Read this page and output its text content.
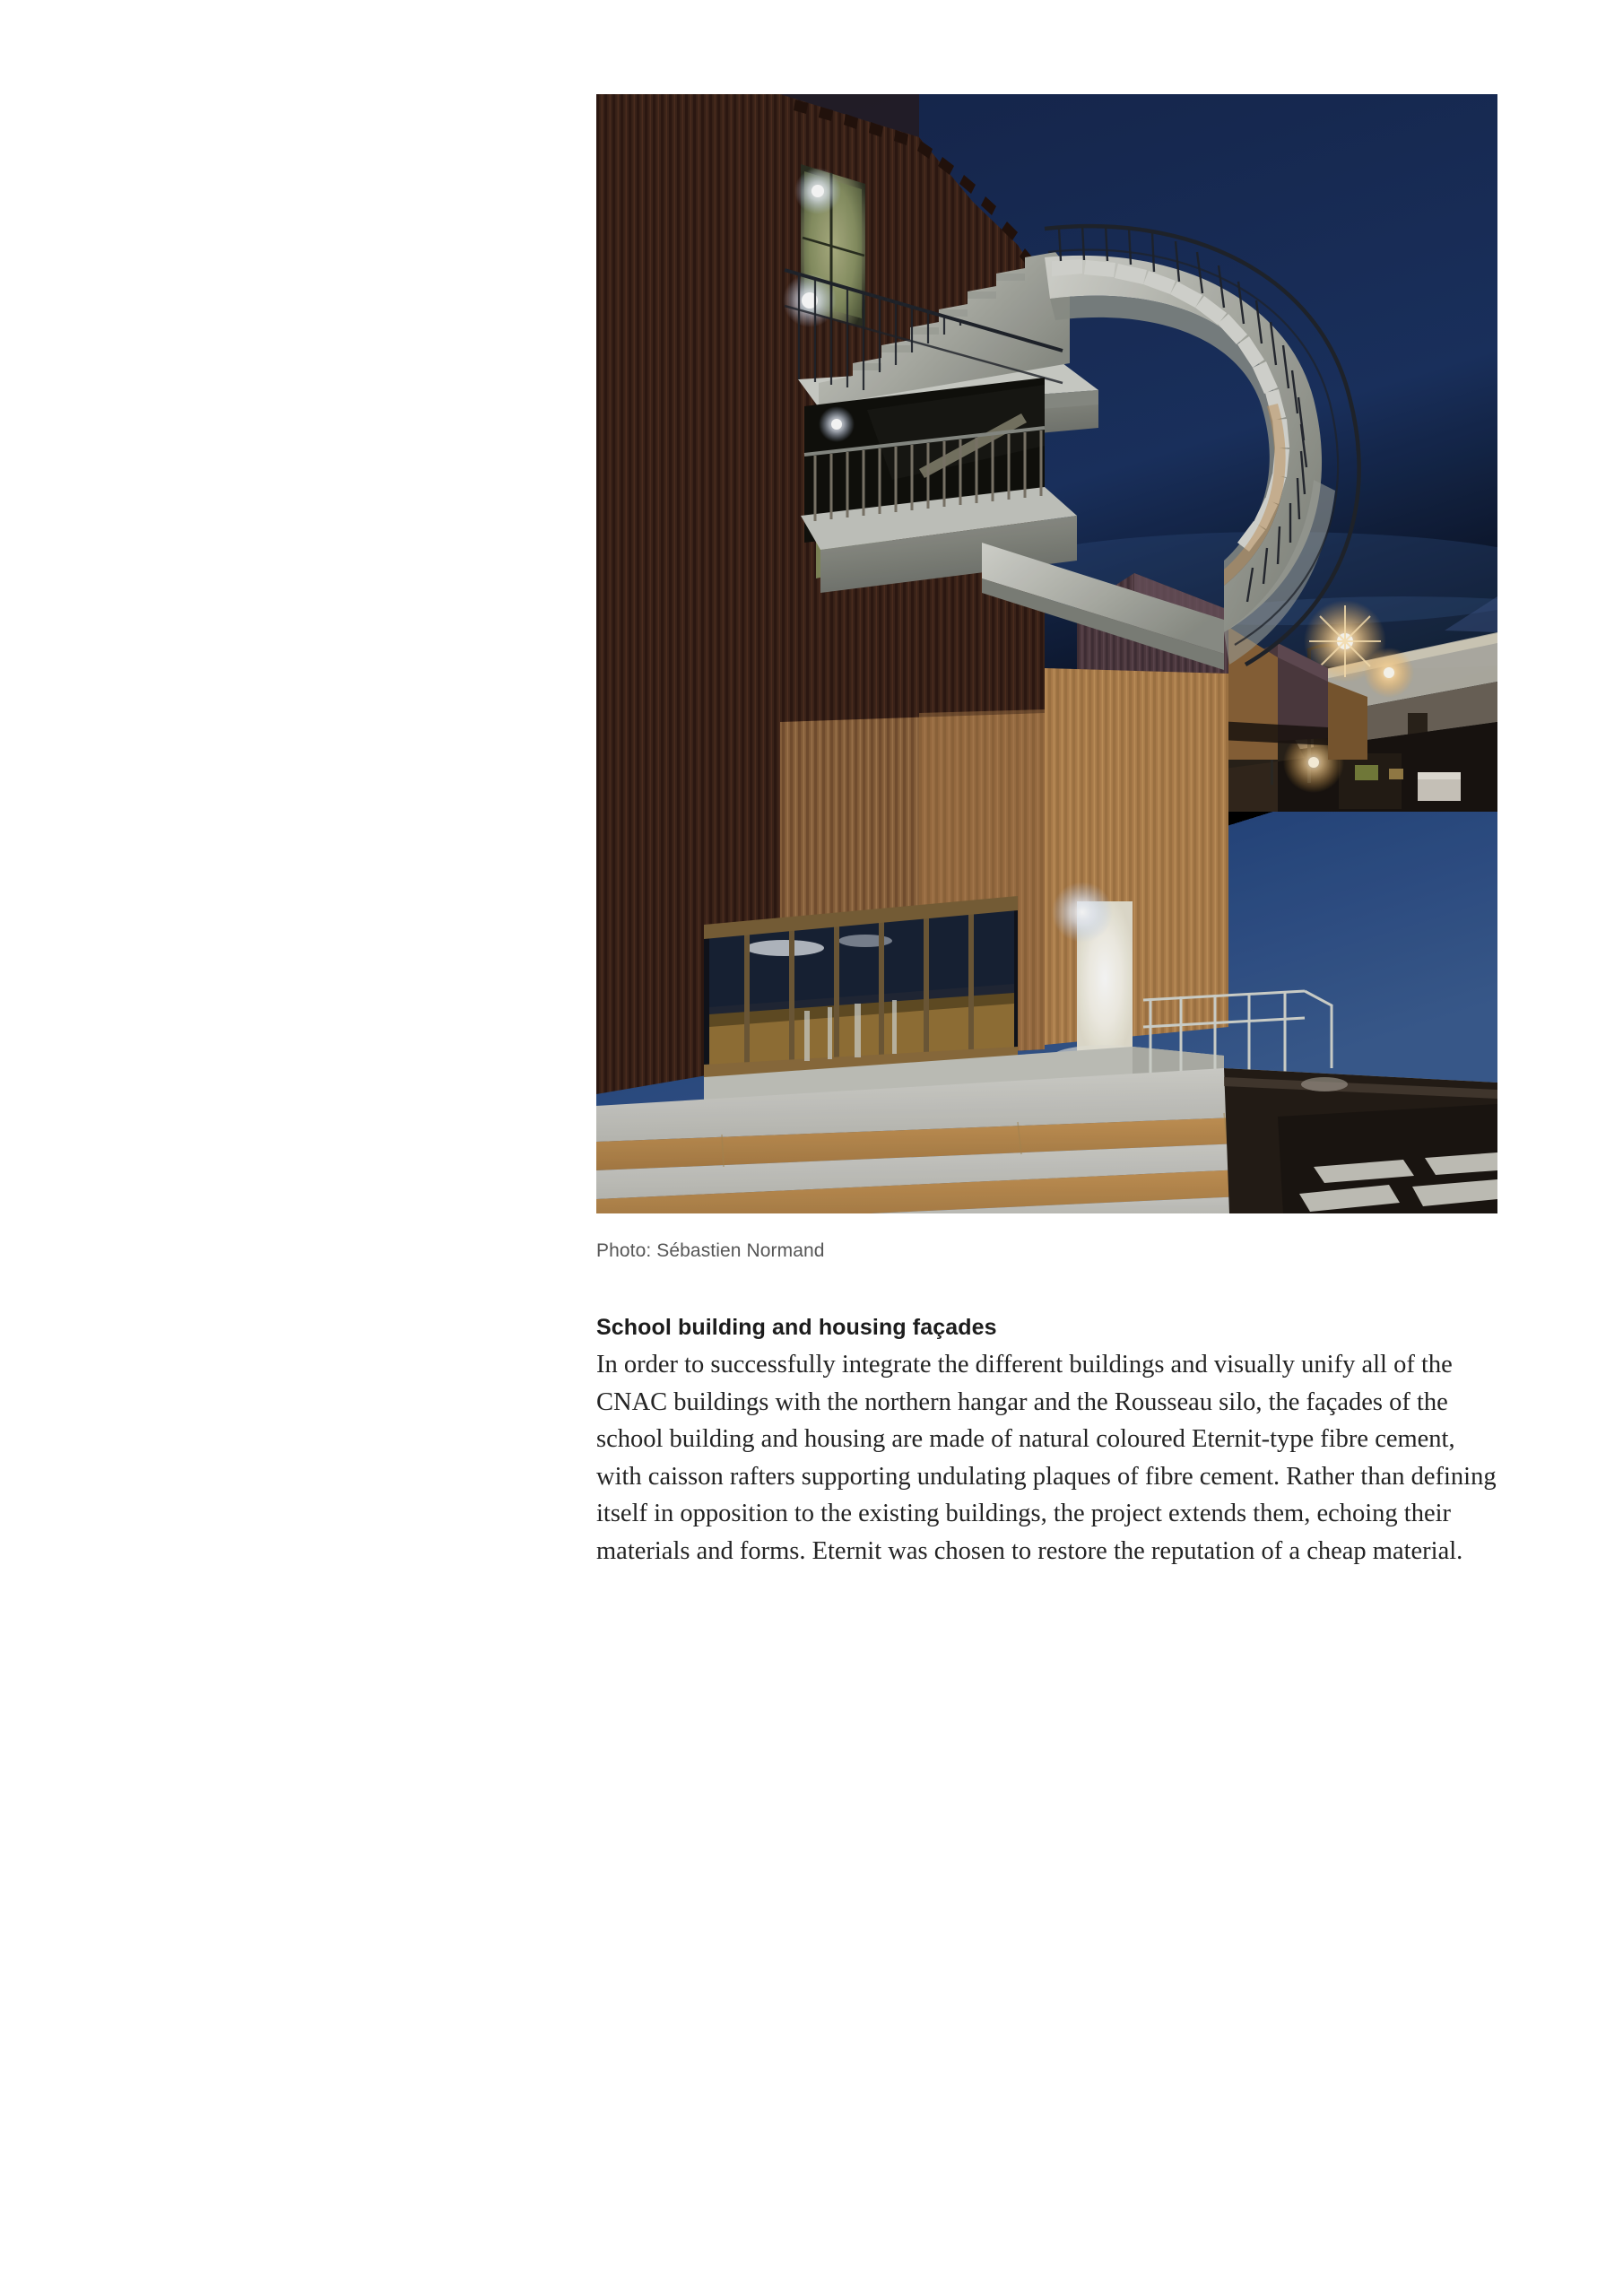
Photo: Sébastien Normand
School building and housing façades

In order to successfully integrate the different buildings and visually unify all of the CNAC buildings with the northern hangar and the Rousseau silo, the façades of the school building and housing are made of natural coloured Eternit-type fibre cement, with caisson rafters supporting undulating plaques of fibre cement. Rather than defining itself in opposition to the existing buildings, the project extends them, echoing their materials and forms. Eternit was chosen to restore the reputation of a cheap material.
